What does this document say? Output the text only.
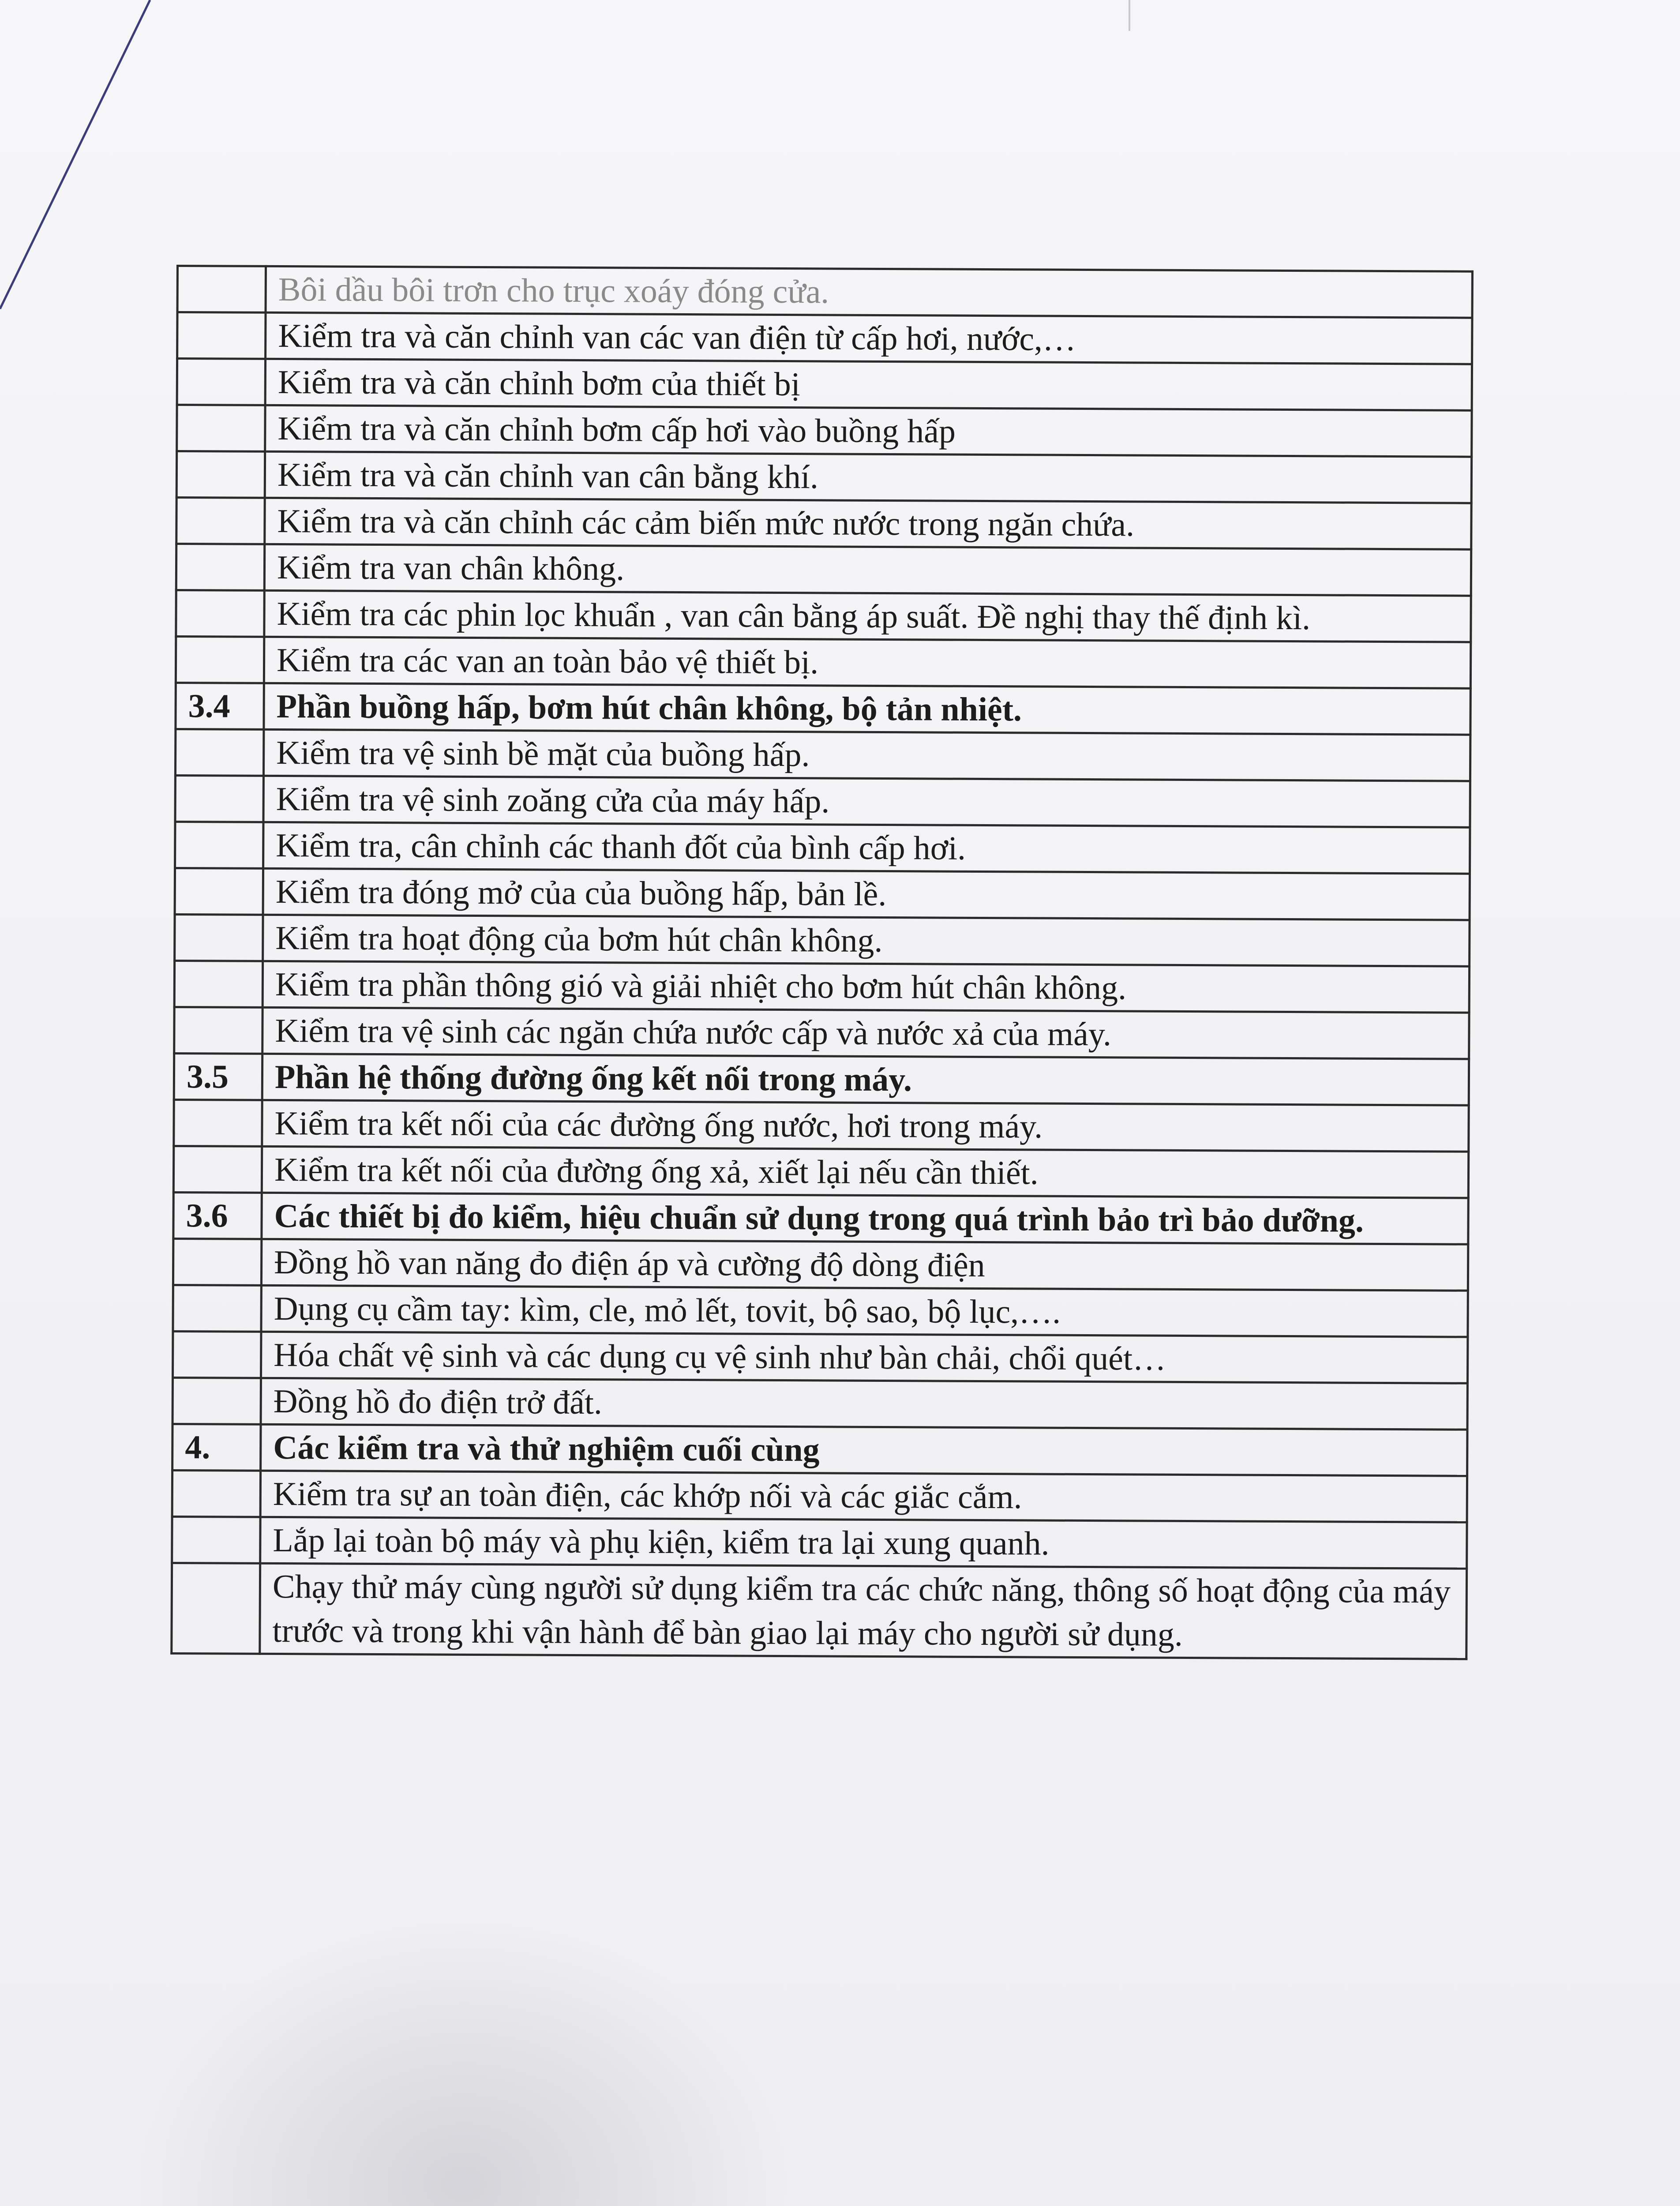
	Bôi dầu bôi trơn cho trục xoáy đóng cửa.
	Kiểm tra và căn chỉnh van các van điện từ cấp hơi, nước,…
	Kiểm tra và căn chỉnh bơm của thiết bị
	Kiểm tra và căn chỉnh bơm cấp hơi vào buồng hấp
	Kiểm tra và căn chỉnh van cân bằng khí.
	Kiểm tra và căn chỉnh các cảm biến mức nước trong ngăn chứa.
	Kiểm tra van chân không.
	Kiểm tra các phin lọc khuẩn , van cân bằng áp suất. Đề nghị thay thế định kì.
	Kiểm tra các van an toàn bảo vệ thiết bị.
3.4	Phần buồng hấp, bơm hút chân không, bộ tản nhiệt.
	Kiểm tra vệ sinh bề mặt của buồng hấp.
	Kiểm tra vệ sinh zoăng cửa của máy hấp.
	Kiểm tra, cân chỉnh các thanh đốt của bình cấp hơi.
	Kiểm tra đóng mở của của buồng hấp, bản lề.
	Kiểm tra hoạt động của bơm hút chân không.
	Kiểm tra phần thông gió và giải nhiệt cho bơm hút chân không.
	Kiểm tra vệ sinh các ngăn chứa nước cấp và nước xả của máy.
3.5	Phần hệ thống đường ống kết nối trong máy.
	Kiểm tra kết nối của các đường ống nước, hơi trong máy.
	Kiểm tra kết nối của đường ống xả, xiết lại nếu cần thiết.
3.6	Các thiết bị đo kiểm, hiệu chuẩn sử dụng trong quá trình bảo trì bảo dưỡng.
	Đồng hồ van năng đo điện áp và cường độ dòng điện
	Dụng cụ cầm tay: kìm, cle, mỏ lết, tovit, bộ sao, bộ lục,….
	Hóa chất vệ sinh và các dụng cụ vệ sinh như bàn chải, chổi quét…
	Đồng hồ đo điện trở đất.
4.	Các kiểm tra và thử nghiệm cuối cùng
	Kiểm tra sự an toàn điện, các khớp nối và các giắc cắm.
	Lắp lại toàn bộ máy và phụ kiện, kiểm tra lại xung quanh.
	Chạy thử máy cùng người sử dụng kiểm tra các chức năng, thông số hoạt động của máy trước và trong khi vận hành để bàn giao lại máy cho người sử dụng.
